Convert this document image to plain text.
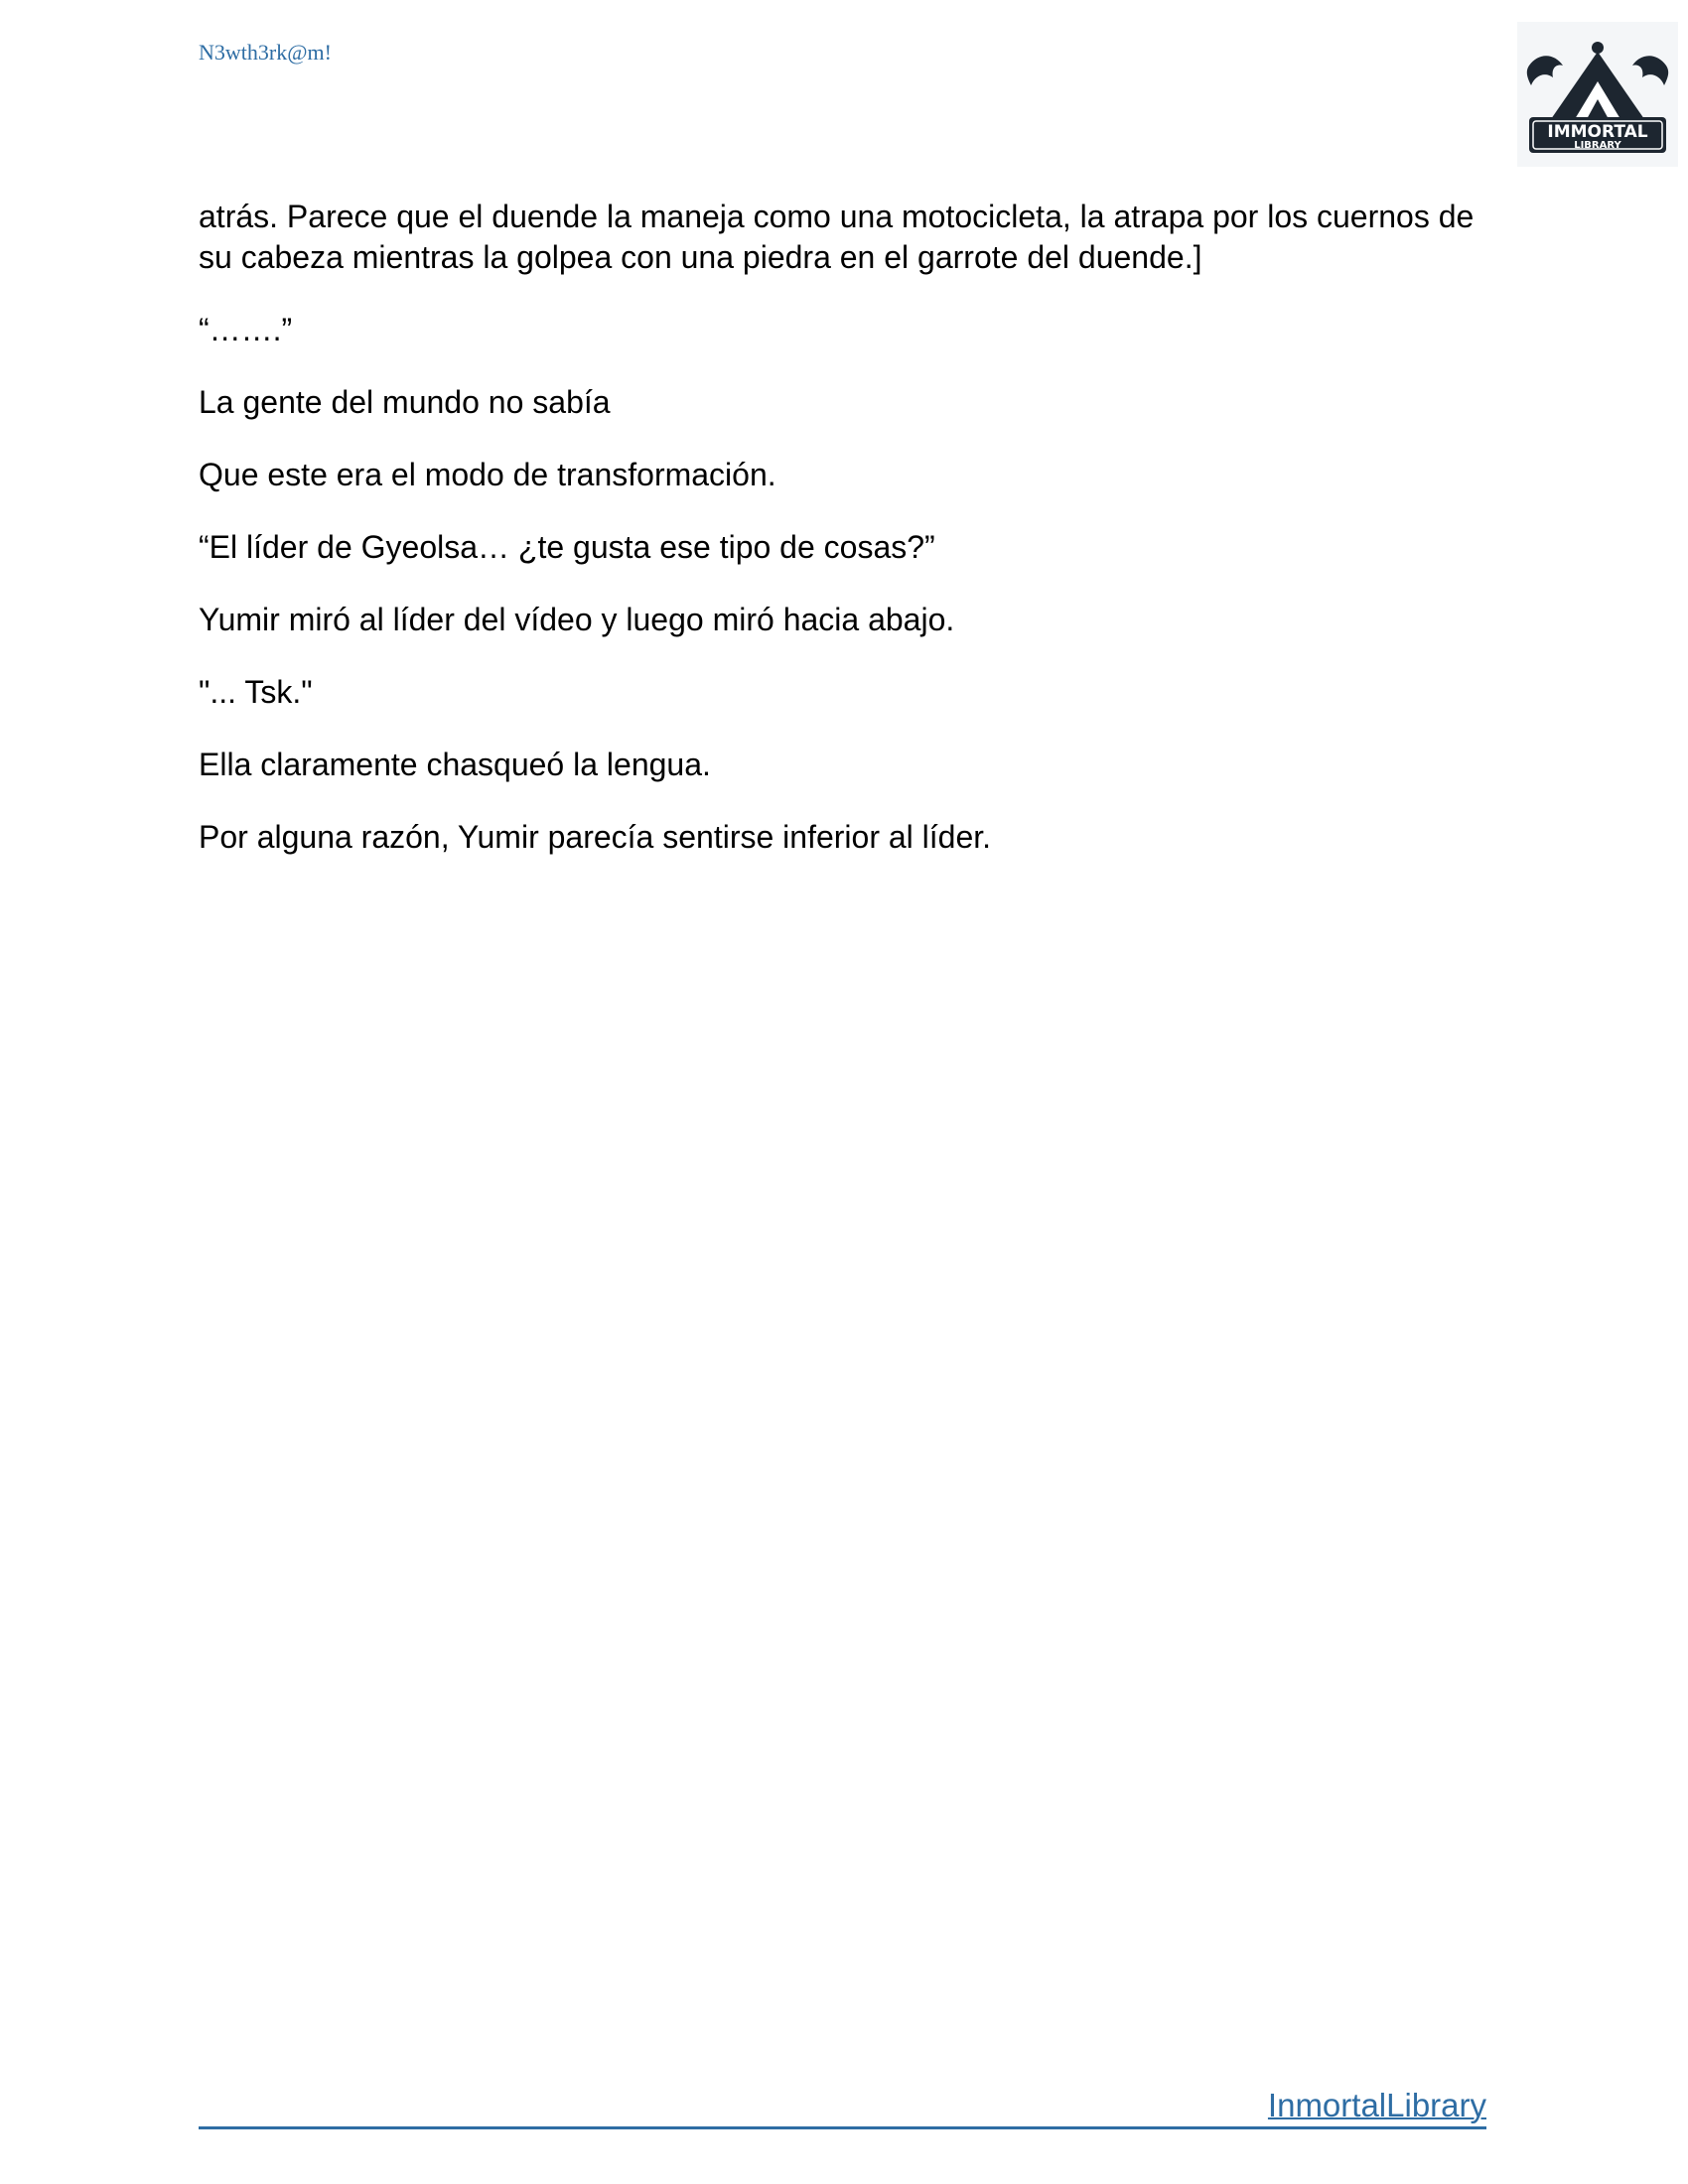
N3wth3rk@m!
IMMORTAL
LIBRARY

atrás. Parece que el duende la maneja como una motocicleta, la atrapa por los cuernos de su cabeza mientras la golpea con una piedra en el garrote del duende.]

“…….”

La gente del mundo no sabía

Que este era el modo de transformación.

“El líder de Gyeolsa… ¿te gusta ese tipo de cosas?”

Yumir miró al líder del vídeo y luego miró hacia abajo.

"... Tsk."

Ella claramente chasqueó la lengua.

Por alguna razón, Yumir parecía sentirse inferior al líder.

InmortalLibrary
